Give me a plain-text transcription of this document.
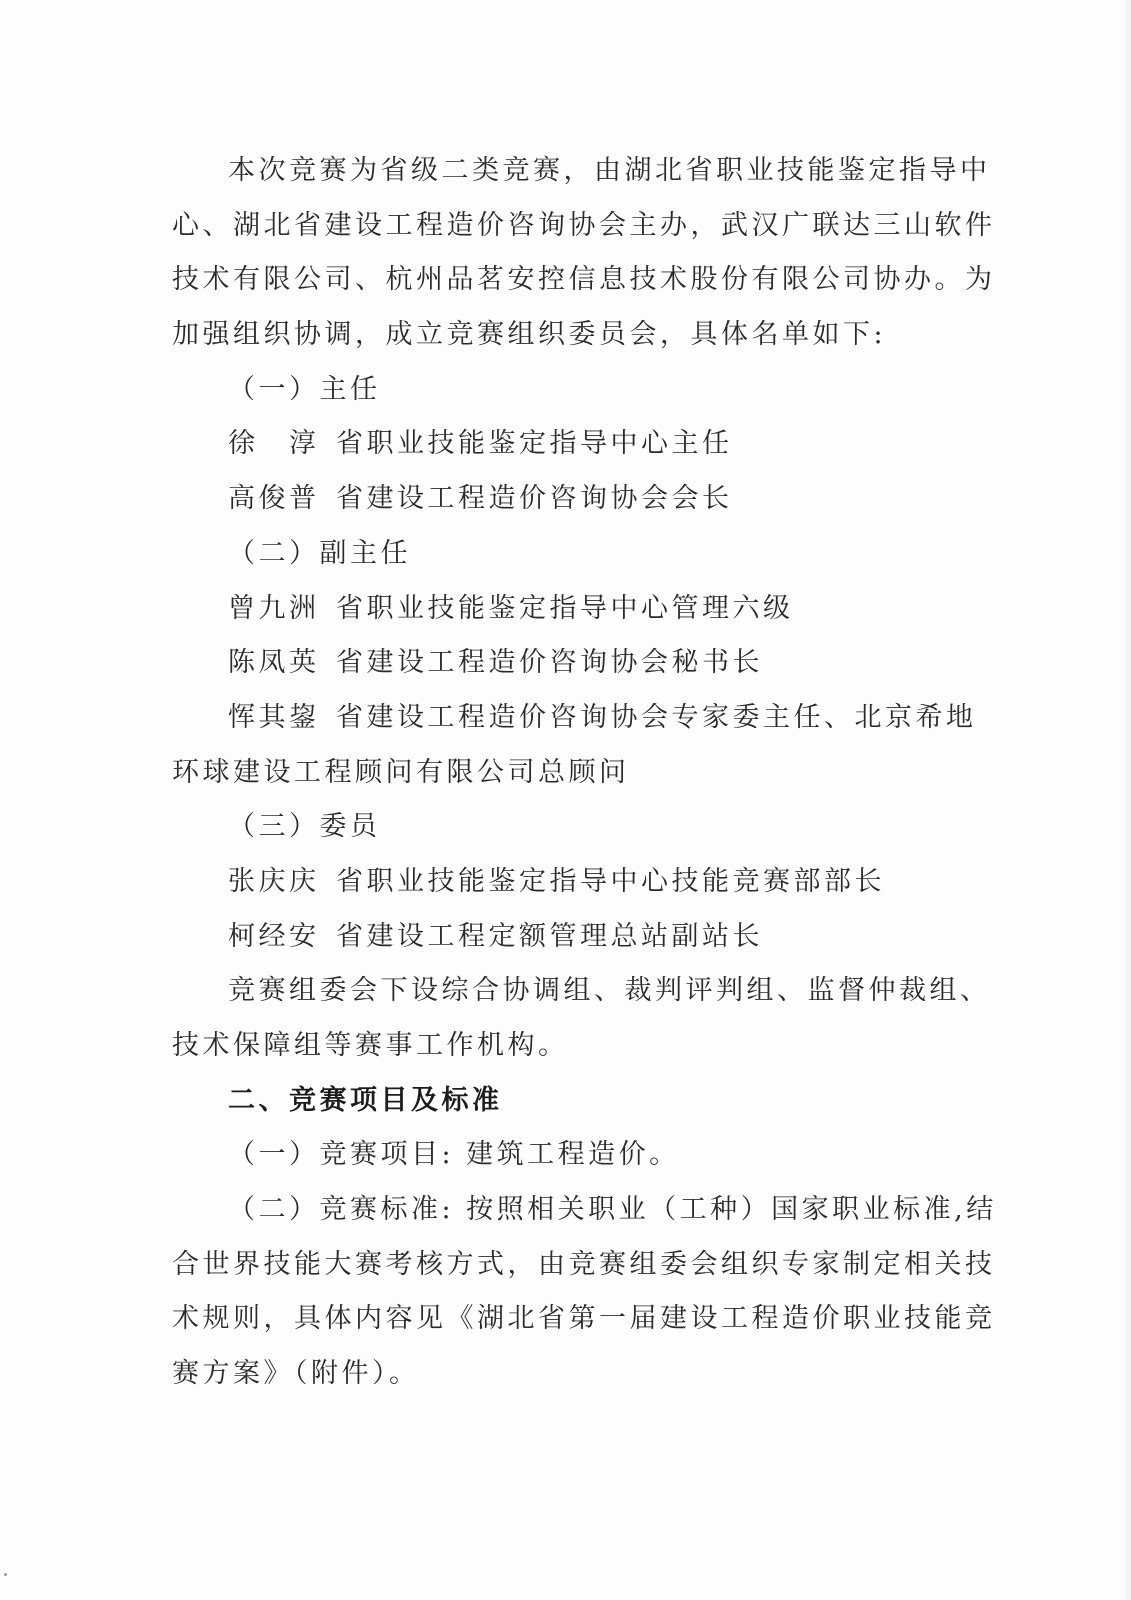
本次竞赛为省级二类竞赛，由湖北省职业技能鉴定指导中
心、湖北省建设工程造价咨询协会主办，武汉广联达三山软件
技术有限公司、杭州品茗安控信息技术股份有限公司协办。为
加强组织协调，成立竞赛组织委员会，具体名单如下:
（一）主任
徐　淳 省职业技能鉴定指导中心主任
高俊普 省建设工程造价咨询协会会长
（二）副主任
曾九洲 省职业技能鉴定指导中心管理六级
陈凤英 省建设工程造价咨询协会秘书长
恽其鋆 省建设工程造价咨询协会专家委主任、北京希地
环球建设工程顾问有限公司总顾问
（三）委员
张庆庆 省职业技能鉴定指导中心技能竞赛部部长
柯经安 省建设工程定额管理总站副站长
竞赛组委会下设综合协调组、裁判评判组、监督仲裁组、
技术保障组等赛事工作机构。
二、竞赛项目及标准
（一）竞赛项目: 建筑工程造价。
（二）竞赛标准: 按照相关职业（工种）国家职业标准,结
合世界技能大赛考核方式，由竞赛组委会组织专家制定相关技
术规则，具体内容见《湖北省第一届建设工程造价职业技能竞
赛方案》（附件）。
